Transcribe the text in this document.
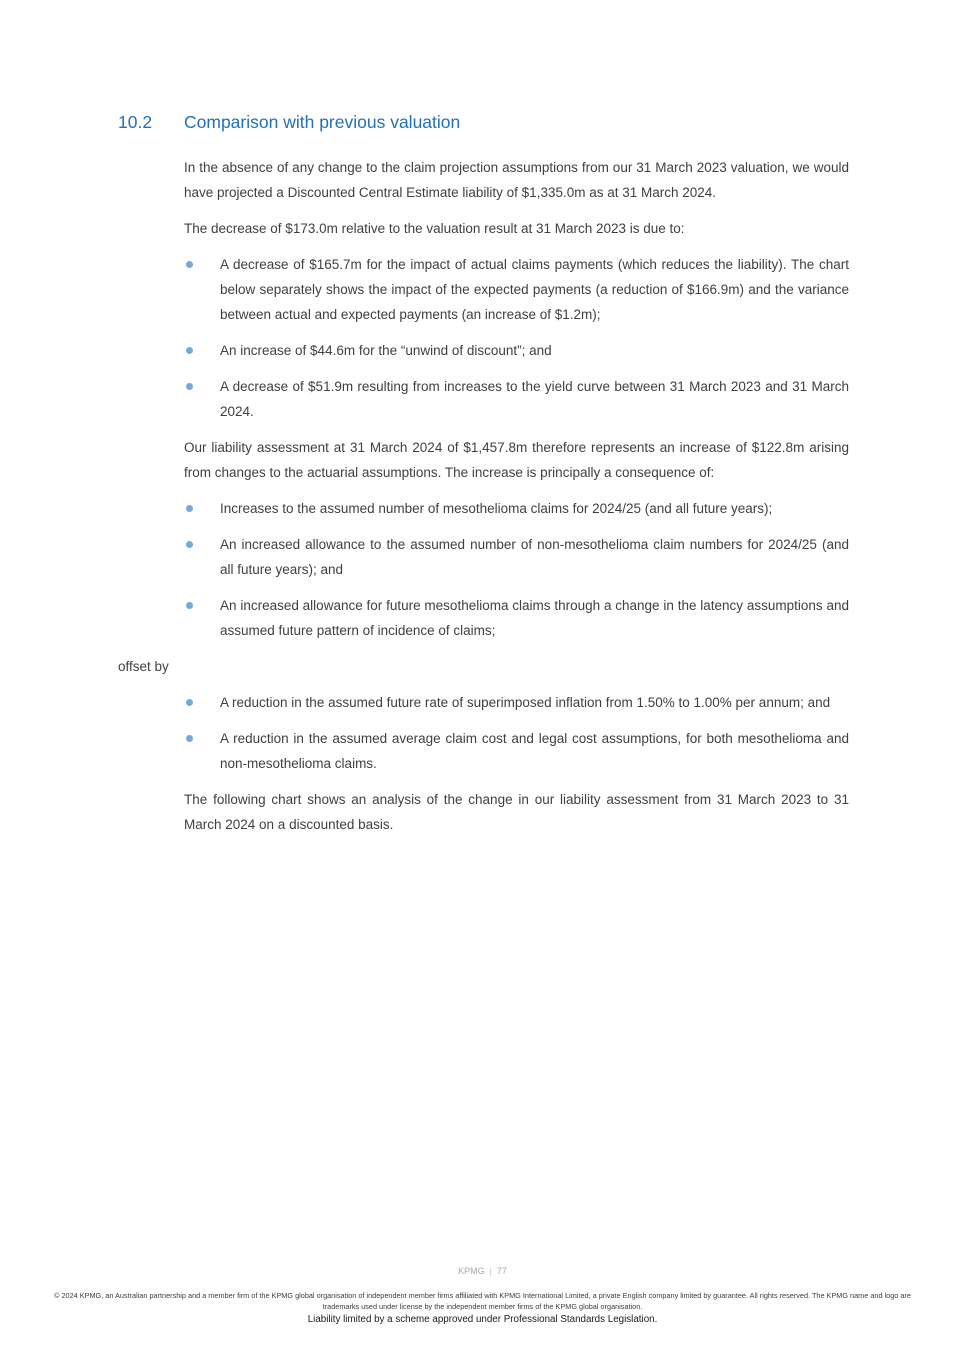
10.2	Comparison with previous valuation

In the absence of any change to the claim projection assumptions from our 31 March 2023 valuation, we would have projected a Discounted Central Estimate liability of $1,335.0m as at 31 March 2024.

The decrease of $173.0m relative to the valuation result at 31 March 2023 is due to:

A decrease of $165.7m for the impact of actual claims payments (which reduces the liability). The chart below separately shows the impact of the expected payments (a reduction of $166.9m) and the variance between actual and expected payments (an increase of $1.2m);
An increase of $44.6m for the “unwind of discount”; and
A decrease of $51.9m resulting from increases to the yield curve between 31 March 2023 and 31 March 2024.

Our liability assessment at 31 March 2024 of $1,457.8m therefore represents an increase of $122.8m arising from changes to the actuarial assumptions. The increase is principally a consequence of:

Increases to the assumed number of mesothelioma claims for 2024/25 (and all future years);
An increased allowance to the assumed number of non-mesothelioma claim numbers for 2024/25 (and all future years); and
An increased allowance for future mesothelioma claims through a change in the latency assumptions and assumed future pattern of incidence of claims;

offset by

A reduction in the assumed future rate of superimposed inflation from 1.50% to 1.00% per annum; and
A reduction in the assumed average claim cost and legal cost assumptions, for both mesothelioma and non-mesothelioma claims.

The following chart shows an analysis of the change in our liability assessment from 31 March 2023 to 31 March 2024 on a discounted basis.

KPMG | 77
© 2024 KPMG, an Australian partnership and a member firm of the KPMG global organisation of independent member firms affiliated with KPMG International Limited, a private English company limited by guarantee. All rights reserved. The KPMG name and logo are trademarks used under license by the independent member firms of the KPMG global organisation.
Liability limited by a scheme approved under Professional Standards Legislation.
